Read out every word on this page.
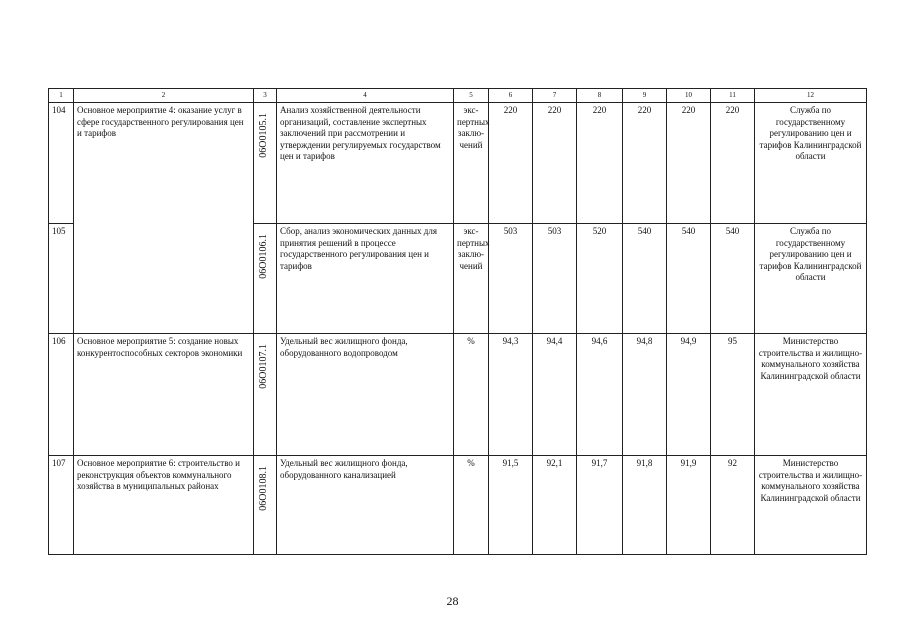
1	2	3	4	5	6	7	8	9	10	11	12
104	Основное мероприятие 4: оказание услуг в сфере государственного регулирования цен и тарифов	06O0105.1	Анализ хозяйственной деятельности организаций, составление экспертных заключений при рассмотрении и утверждении регулируемых государством цен и тарифов	экс-пертных заклю-чений	220	220	220	220	220	220	Служба по государственному регулированию цен и тарифов Калининградской области
105		06O0106.1	Сбор, анализ экономических данных для принятия решений в процессе государственного регулирования цен и тарифов	экс-пертных заклю-чений	503	503	520	540	540	540	Служба по государственному регулированию цен и тарифов Калининградской области
106	Основное мероприятие 5: создание новых конкурентоспособных секторов экономики	06O0107.1	Удельный вес жилищного фонда, оборудованного водопроводом	%	94,3	94,4	94,6	94,8	94,9	95	Министерство строительства и жилищно-коммунального хозяйства Калининградской области
107	Основное мероприятие 6: строительство и реконструкция объектов коммунального хозяйства в муниципальных районах	06O0108.1	Удельный вес жилищного фонда, оборудованного канализацией	%	91,5	92,1	91,7	91,8	91,9	92	Министерство строительства и жилищно-коммунального хозяйства Калининградской области
28
